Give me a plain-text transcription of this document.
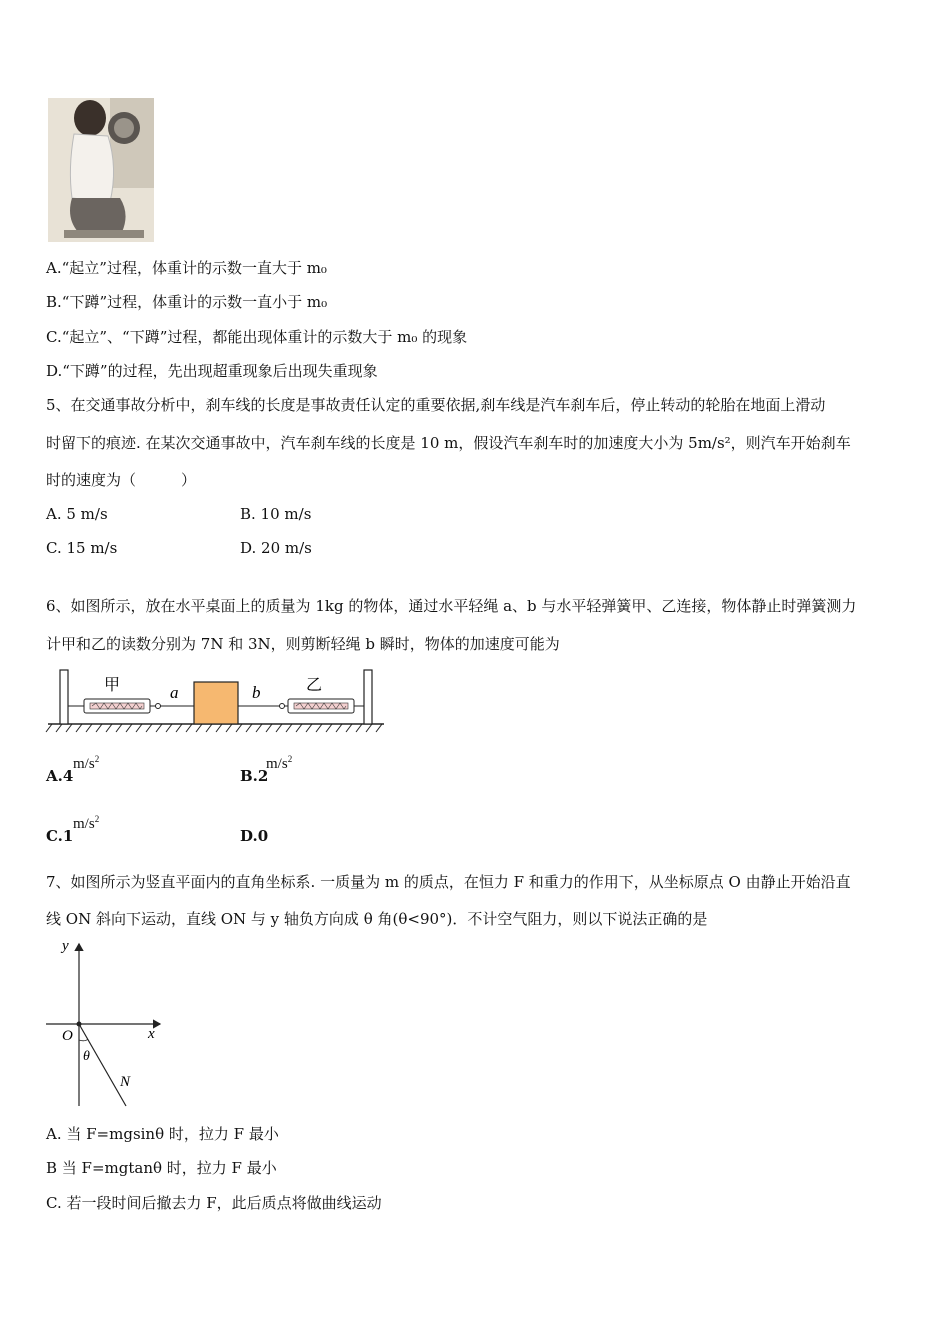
A.“起立”过程，体重计的示数一直大于 m₀
B.“下蹲”过程，体重计的示数一直小于 m₀
C.“起立”、“下蹲”过程，都能出现体重计的示数大于 m₀ 的现象
D.“下蹲”的过程，先出现超重现象后出现失重现象
5、在交通事故分析中，刹车线的长度是事故责任认定的重要依据,刹车线是汽车刹车后，停止转动的轮胎在地面上滑动
时留下的痕迹. 在某次交通事故中，汽车刹车线的长度是 10 m，假设汽车刹车时的加速度大小为 5m/s²，则汽车开始刹车
时的速度为（　　　）
A. 5 m/s	B. 10 m/s
C. 15 m/s	D. 20 m/s
6、如图所示，放在水平桌面上的质量为 1kg 的物体，通过水平轻绳 a、b 与水平轻弹簧甲、乙连接，物体静止时弹簧测力
计甲和乙的读数分别为 7N 和 3N，则剪断轻绳 b 瞬时，物体的加速度可能为
甲	a	b	乙
A.4
$m/s^2$
B.2
$m/s^2$
C.1
$m/s^2$
D.0
7、如图所示为竖直平面内的直角坐标系. 一质量为 m 的质点，在恒力 F 和重力的作用下，从坐标原点 O 由静止开始沿直
线 ON 斜向下运动，直线 ON 与 y 轴负方向成 θ 角(θ<90°)．不计空气阻力，则以下说法正确的是
y
x
O
θ
N
A. 当 F=mgsinθ 时，拉力 F 最小
B 当 F=mgtanθ 时，拉力 F 最小
C. 若一段时间后撤去力 F，此后质点将做曲线运动
